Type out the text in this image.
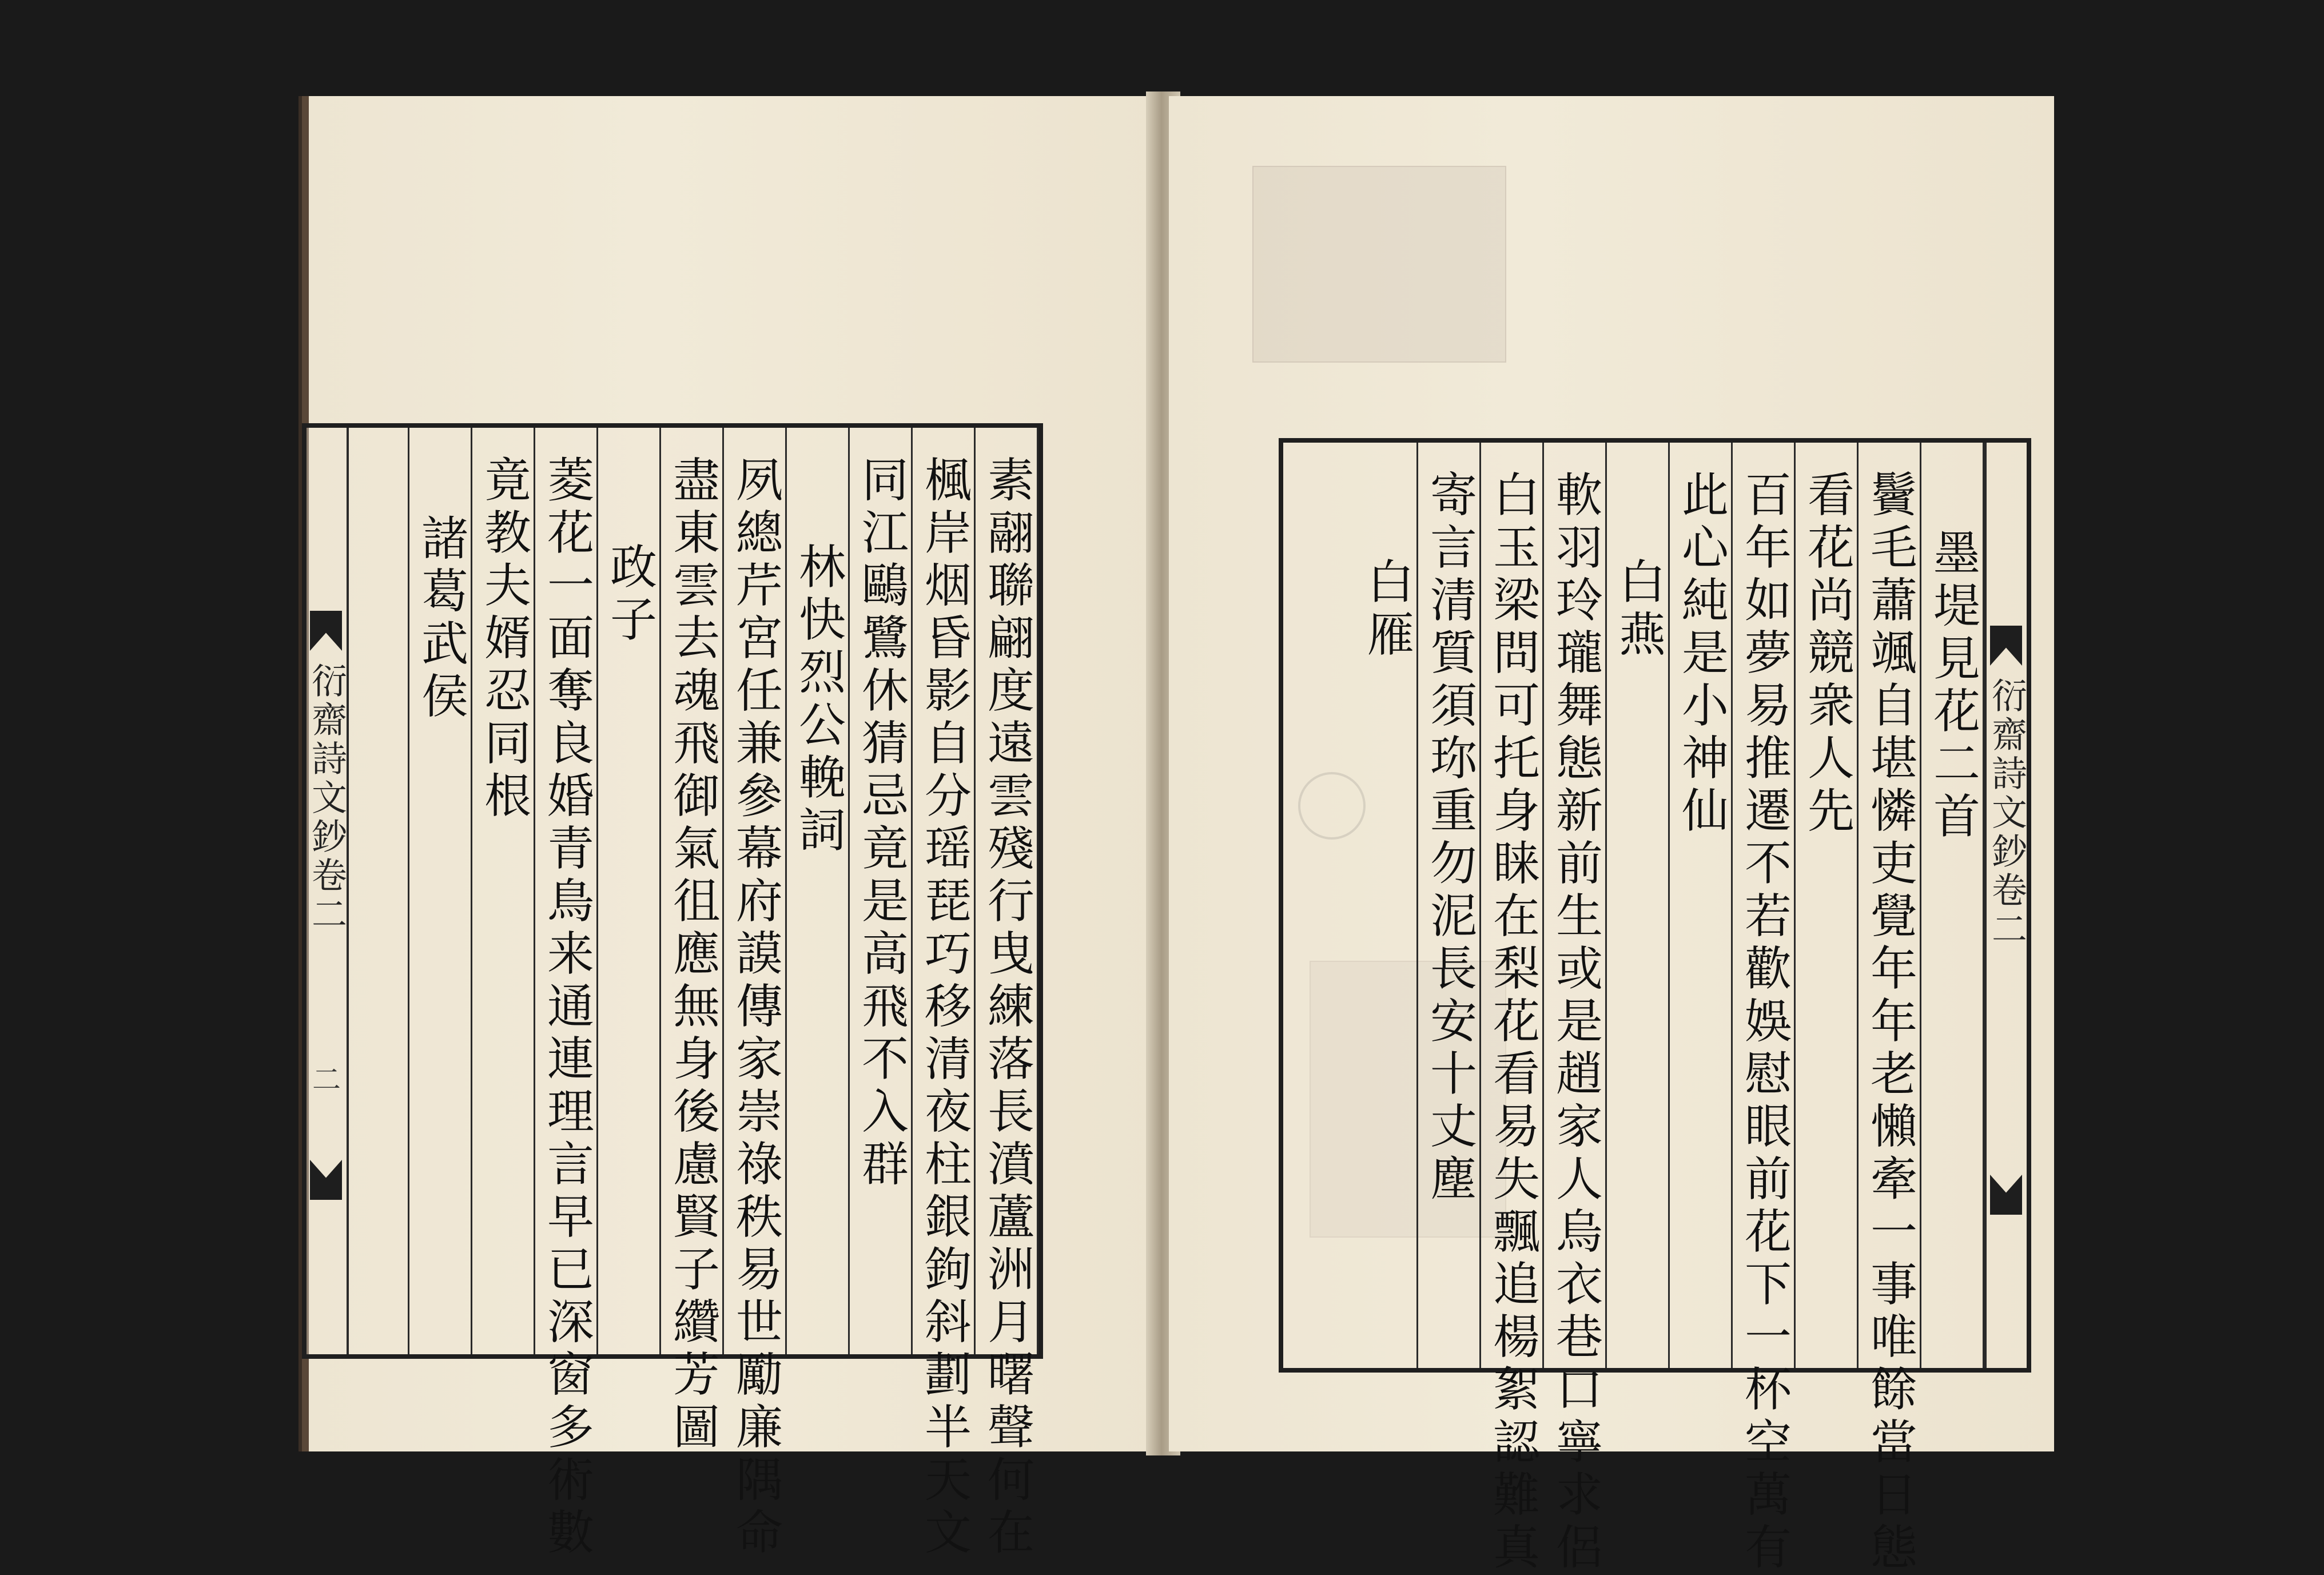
衍齋詩文鈔卷二
二	素翮聯翩度遠雲殘行曳練落長濆蘆洲月曙聲何在
楓岸烟昏影自分瑶琵巧移清夜柱銀鉤斜劃半天文
同江鷗鷺休猜忌竟是高飛不入群
林快烈公輓詞
夙總芹宮任兼參幕府謨傳家崇祿秩易世勵廉隅命
盡東雲去魂飛御氣徂應無身後慮賢子纘芳圖
政子
菱花一面奪良婚青鳥来通連理言早已深窗多術數
竟教夫婿忍同根
諸葛武侯
衍齋詩文鈔卷二
墨堤見花二首
鬢毛蕭颯自堪憐吏覺年年老懶牽一事唯餘當日態
看花尚競衆人先
百年如夢易推遷不若歡娛慰眼前花下一杯空萬有
此心純是小神仙
白燕
軟羽玲瓏舞態新前生或是趙家人烏衣巷口寧求侶
白玉梁問可托身睐在梨花看易失飄追楊絮認難真
寄言清質須珎重勿泥長安十丈塵
白雁
